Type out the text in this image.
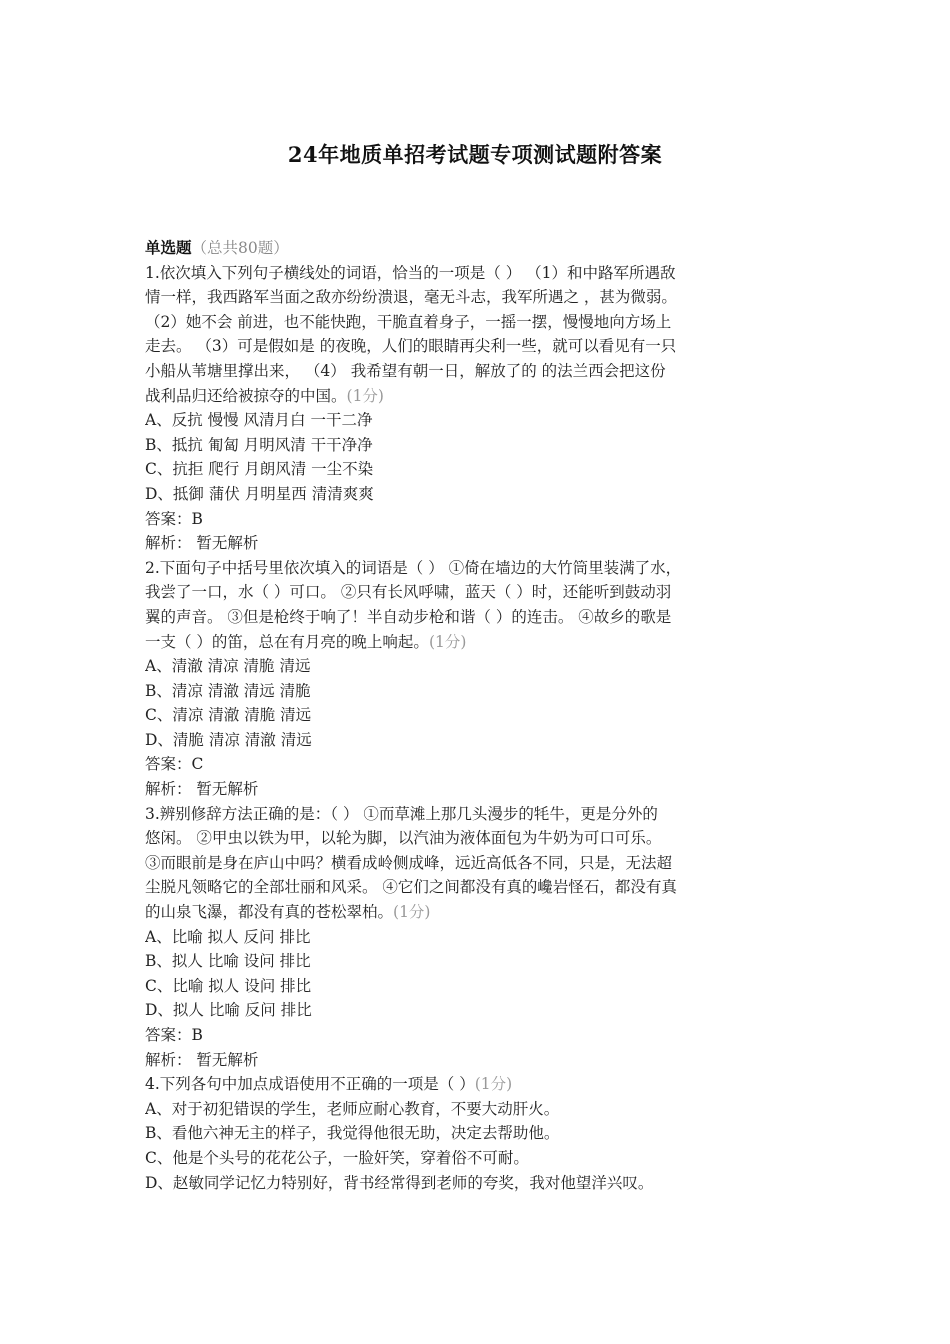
24年地质单招考试题专项测试题附答案
单选题（总共80题）
1.依次填入下列句子横线处的词语，恰当的一项是（ ） （1）和中路军所遇敌
情一样，我西路军当面之敌亦纷纷溃退，毫无斗志，我军所遇之 ，甚为微弱。
（2）她不会 前进，也不能快跑，干脆直着身子，一摇一摆，慢慢地向方场上
走去。 （3）可是假如是 的夜晚，人们的眼睛再尖利一些，就可以看见有一只
小船从苇塘里撑出来， （4） 我希望有朝一日，解放了的 的法兰西会把这份
战利品归还给被掠夺的中国。(1分)
A、反抗 慢慢 风清月白 一干二净
B、抵抗 匍匐 月明风清 干干净净
C、抗拒 爬行 月朗风清 一尘不染
D、抵御 蒲伏 月明星西 清清爽爽
答案：B
解析： 暂无解析
2.下面句子中括号里依次填入的词语是（ ） ①倚在墙边的大竹筒里装满了水，
我尝了一口，水（ ）可口。 ②只有长风呼啸，蓝天（ ）时，还能听到鼓动羽
翼的声音。 ③但是枪终于响了！半自动步枪和谐（ ）的连击。 ④故乡的歌是
一支（ ）的笛，总在有月亮的晚上响起。(1分)
A、清澈 清凉 清脆 清远
B、清凉 清澈 清远 清脆
C、清凉 清澈 清脆 清远
D、清脆 清凉 清澈 清远
答案：C
解析： 暂无解析
3.辨别修辞方法正确的是：（ ） ①而草滩上那几头漫步的牦牛，更是分外的
悠闲。 ②甲虫以铁为甲，以轮为脚，以汽油为液体面包为牛奶为可口可乐。
③而眼前是身在庐山中吗？横看成岭侧成峰，远近高低各不同，只是，无法超
尘脱凡领略它的全部壮丽和风采。 ④它们之间都没有真的巉岩怪石，都没有真
的山泉飞瀑，都没有真的苍松翠柏。(1分)
A、比喻 拟人 反问 排比
B、拟人 比喻 设问 排比
C、比喻 拟人 设问 排比
D、拟人 比喻 反问 排比
答案：B
解析： 暂无解析
4.下列各句中加点成语使用不正确的一项是（ ）(1分)
A、对于初犯错误的学生，老师应耐心教育，不要大动肝火。
B、看他六神无主的样子，我觉得他很无助，决定去帮助他。
C、他是个头号的花花公子，一脸奸笑，穿着俗不可耐。
D、赵敏同学记忆力特别好，背书经常得到老师的夸奖，我对他望洋兴叹。
